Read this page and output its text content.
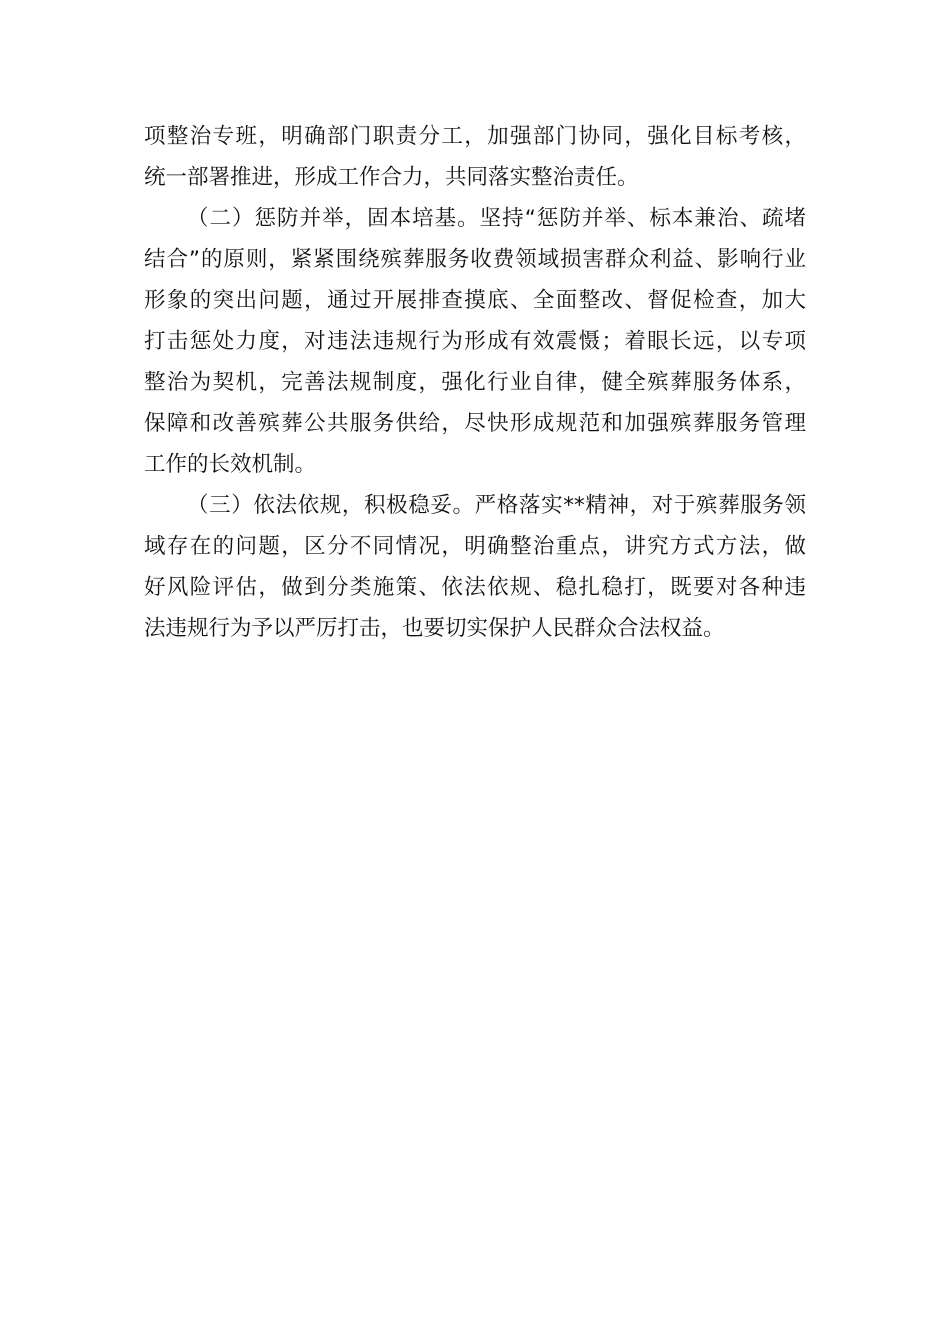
项整治专班，明确部门职责分工，加强部门协同，强化目标考核，
统一部署推进，形成工作合力，共同落实整治责任。
（二）惩防并举，固本培基。坚持“惩防并举、标本兼治、疏堵
结合”的原则，紧紧围绕殡葬服务收费领域损害群众利益、影响行业
形象的突出问题，通过开展排查摸底、全面整改、督促检查，加大
打击惩处力度，对违法违规行为形成有效震慑；着眼长远，以专项
整治为契机，完善法规制度，强化行业自律，健全殡葬服务体系，
保障和改善殡葬公共服务供给，尽快形成规范和加强殡葬服务管理
工作的长效机制。
（三）依法依规，积极稳妥。严格落实**精神，对于殡葬服务领
域存在的问题，区分不同情况，明确整治重点，讲究方式方法，做
好风险评估，做到分类施策、依法依规、稳扎稳打，既要对各种违
法违规行为予以严厉打击，也要切实保护人民群众合法权益。
